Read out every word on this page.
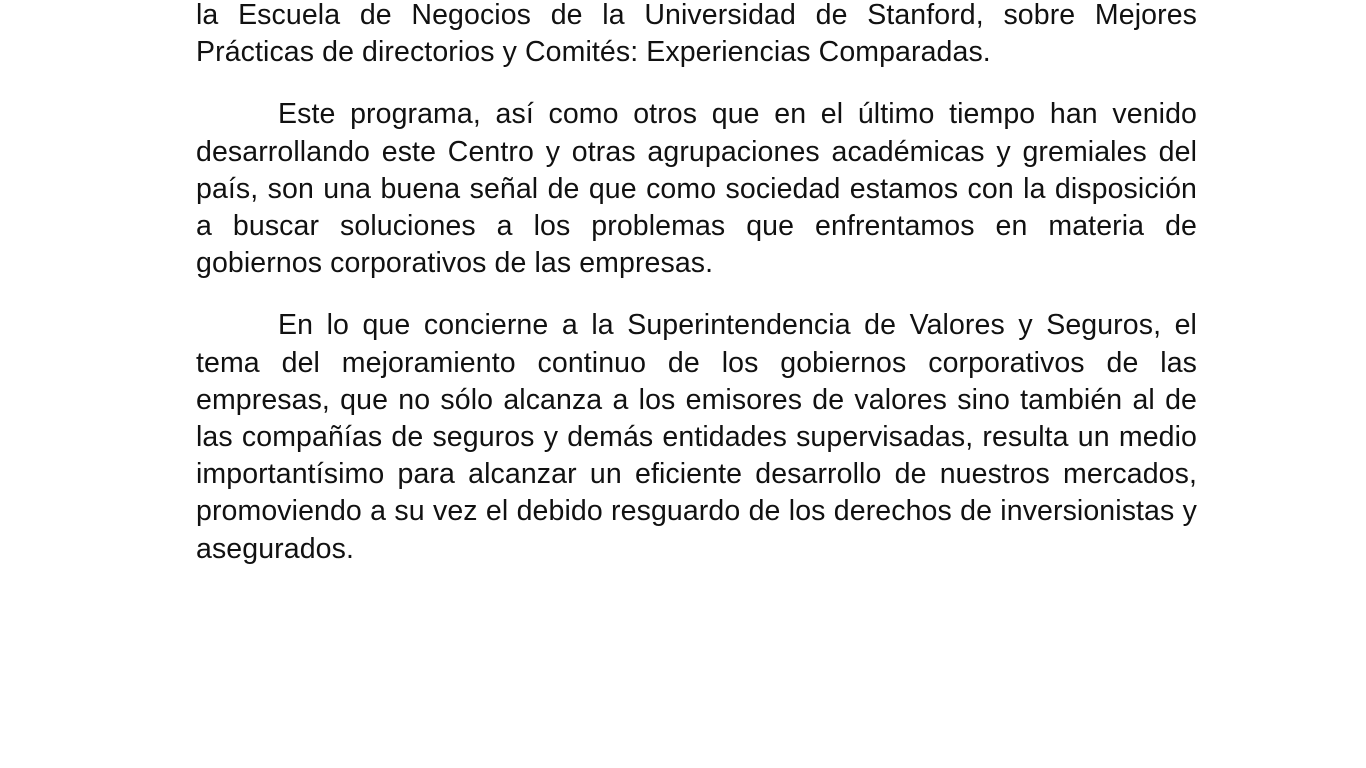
la Escuela de Negocios de la Universidad de Stanford, sobre Mejores Prácticas de directorios y Comités: Experiencias Comparadas.

Este programa, así como otros que en el último tiempo han venido desarrollando este Centro y otras agrupaciones académicas y gremiales del país, son una buena señal de que como sociedad estamos con la disposición a buscar soluciones a los problemas que enfrentamos en materia de gobiernos corporativos de las empresas.

En lo que concierne a la Superintendencia de Valores y Seguros, el tema del mejoramiento continuo de los gobiernos corporativos de las empresas, que no sólo alcanza a los emisores de valores sino también al de las compañías de seguros y demás entidades supervisadas, resulta un medio importantísimo para alcanzar un eficiente desarrollo de nuestros mercados, promoviendo a su vez el debido resguardo de los derechos de inversionistas y asegurados.
